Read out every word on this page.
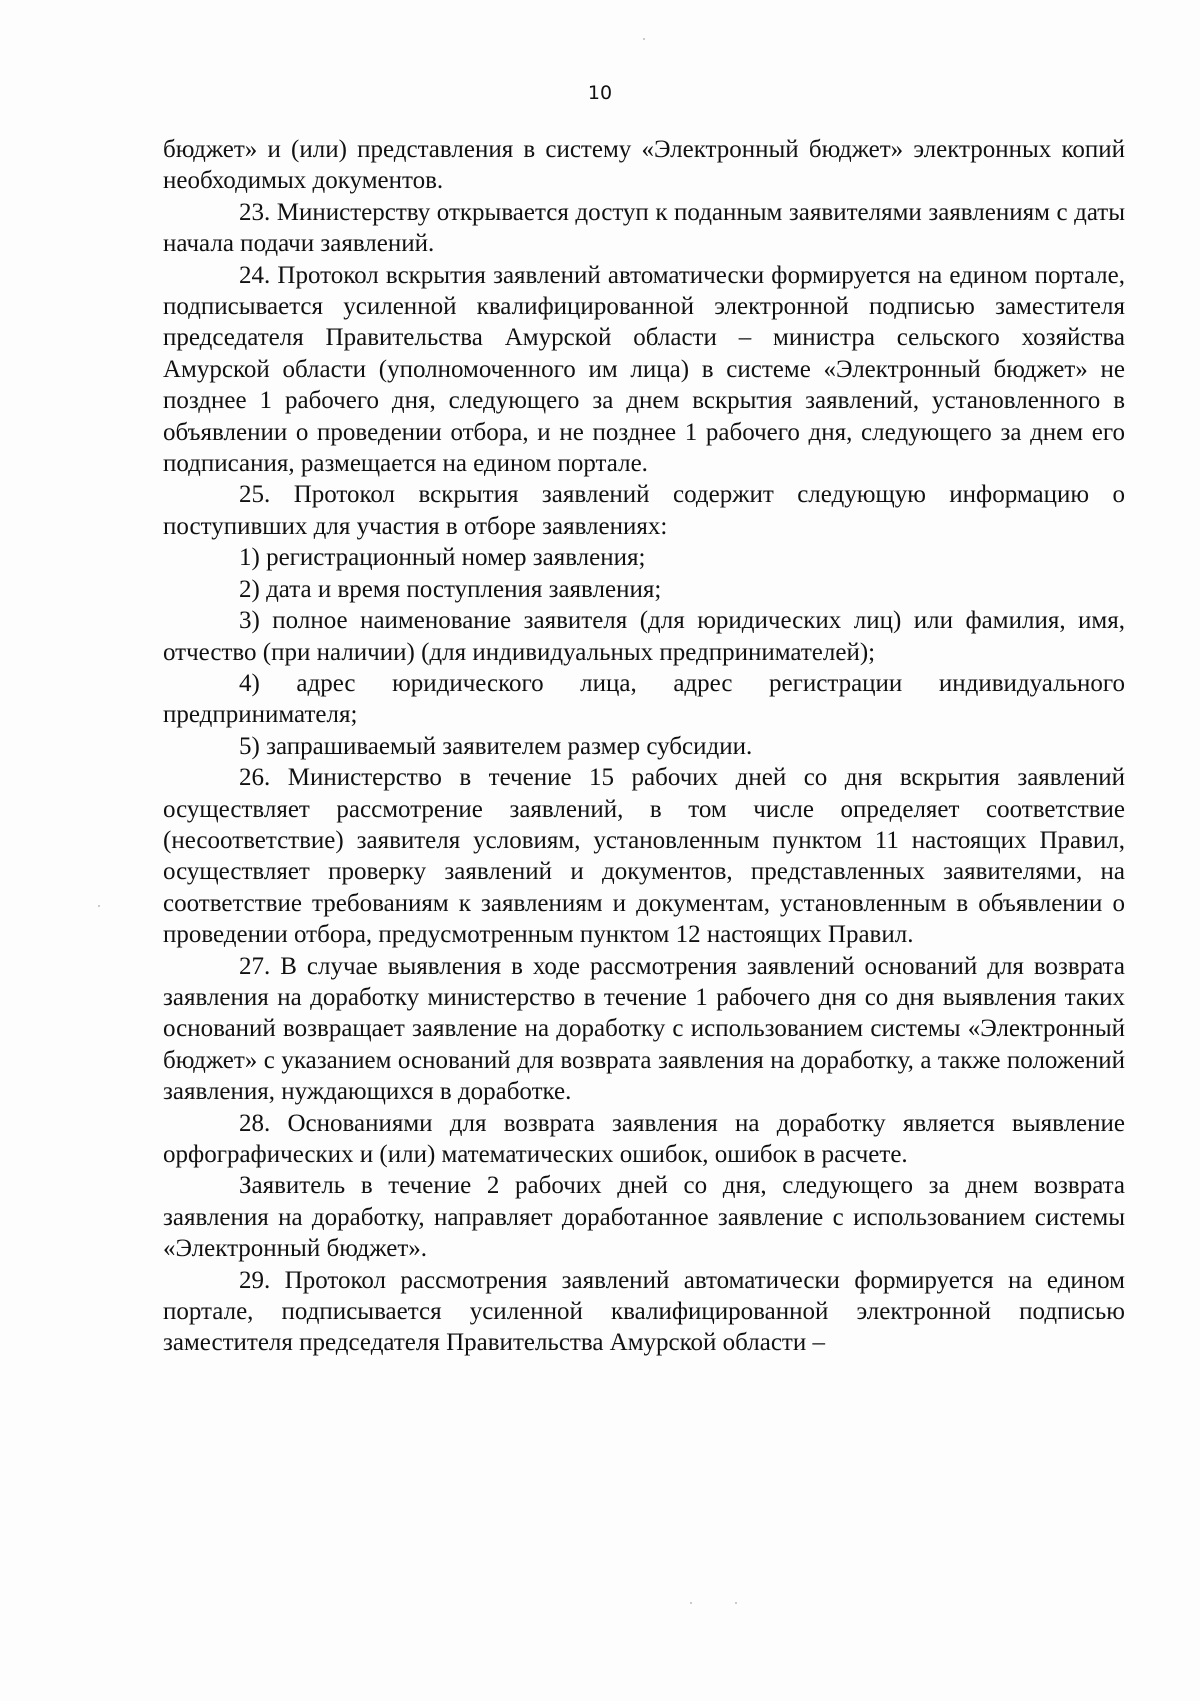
10

бюджет» и (или) представления в систему «Электронный бюджет» электронных копий необходимых документов.

23. Министерству открывается доступ к поданным заявителями заявлениям с даты начала подачи заявлений.

24. Протокол вскрытия заявлений автоматически формируется на едином портале, подписывается усиленной квалифицированной электронной подписью заместителя председателя Правительства Амурской области – министра сельского хозяйства Амурской области (уполномоченного им лица) в системе «Электронный бюджет» не позднее 1 рабочего дня, следующего за днем вскрытия заявлений, установленного в объявлении о проведении отбора, и не позднее 1 рабочего дня, следующего за днем его подписания, размещается на едином портале.

25. Протокол вскрытия заявлений содержит следующую информацию о поступивших для участия в отборе заявлениях:

1) регистрационный номер заявления;

2) дата и время поступления заявления;

3) полное наименование заявителя (для юридических лиц) или фамилия, имя, отчество (при наличии) (для индивидуальных предпринимателей);

4) адрес юридического лица, адрес регистрации индивидуального предпринимателя;

5) запрашиваемый заявителем размер субсидии.

26. Министерство в течение 15 рабочих дней со дня вскрытия заявлений осуществляет рассмотрение заявлений, в том числе определяет соответствие (несоответствие) заявителя условиям, установленным пунктом 11 настоящих Правил, осуществляет проверку заявлений и документов, представленных заявителями, на соответствие требованиям к заявлениям и документам, установленным в объявлении о проведении отбора, предусмотренным пунктом 12 настоящих Правил.

27. В случае выявления в ходе рассмотрения заявлений оснований для возврата заявления на доработку министерство в течение 1 рабочего дня со дня выявления таких оснований возвращает заявление на доработку с использованием системы «Электронный бюджет» с указанием оснований для возврата заявления на доработку, а также положений заявления, нуждающихся в доработке.

28. Основаниями для возврата заявления на доработку является выявление орфографических и (или) математических ошибок, ошибок в расчете.

Заявитель в течение 2 рабочих дней со дня, следующего за днем возврата заявления на доработку, направляет доработанное заявление с использованием системы «Электронный бюджет».

29. Протокол рассмотрения заявлений автоматически формируется на едином портале, подписывается усиленной квалифицированной электронной подписью заместителя председателя Правительства Амурской области –
